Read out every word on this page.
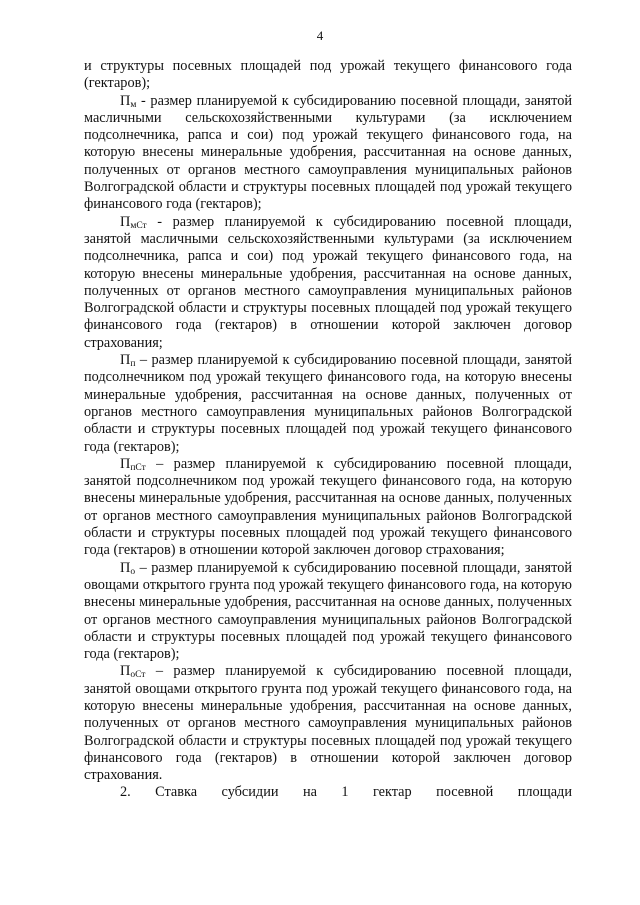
4

и структуры посевных площадей под урожай текущего финансового года (гектаров);

$П_м$ - размер планируемой к субсидированию посевной площади, занятой масличными сельскохозяйственными культурами (за исключением подсолнечника, рапса и сои) под урожай текущего финансового года, на которую внесены минеральные удобрения, рассчитанная на основе данных, полученных от органов местного самоуправления муниципальных районов Волгоградской области и структуры посевных площадей под урожай текущего финансового года (гектаров);

$П_{мСт}$ - размер планируемой к субсидированию посевной площади, занятой масличными сельскохозяйственными культурами (за исключением подсолнечника, рапса и сои) под урожай текущего финансового года, на которую внесены минеральные удобрения, рассчитанная на основе данных, полученных от органов местного самоуправления муниципальных районов Волгоградской области и структуры посевных площадей под урожай текущего финансового года (гектаров) в отношении которой заключен договор страхования;

$П_п$ – размер планируемой к субсидированию посевной площади, занятой подсолнечником под урожай текущего финансового года, на которую внесены минеральные удобрения, рассчитанная на основе данных, полученных от органов местного самоуправления муниципальных районов Волгоградской области и структуры посевных площадей под урожай текущего финансового года (гектаров);

$П_{пСт}$ – размер планируемой к субсидированию посевной площади, занятой подсолнечником под урожай текущего финансового года, на которую внесены минеральные удобрения, рассчитанная на основе данных, полученных от органов местного самоуправления муниципальных районов Волгоградской области и структуры посевных площадей под урожай текущего финансового года (гектаров) в отношении которой заключен договор страхования;

$П_о$ – размер планируемой к субсидированию посевной площади, занятой овощами открытого грунта под урожай текущего финансового года, на которую внесены минеральные удобрения, рассчитанная на основе данных, полученных от органов местного самоуправления муниципальных районов Волгоградской области и структуры посевных площадей под урожай текущего финансового года (гектаров);

$П_{оСт}$ – размер планируемой к субсидированию посевной площади, занятой овощами открытого грунта под урожай текущего финансового года, на которую внесены минеральные удобрения, рассчитанная на основе данных, полученных от органов местного самоуправления муниципальных районов Волгоградской области и структуры посевных площадей под урожай текущего финансового года (гектаров) в отношении которой заключен договор страхования.

2. Ставка субсидии на 1 гектар посевной площади
